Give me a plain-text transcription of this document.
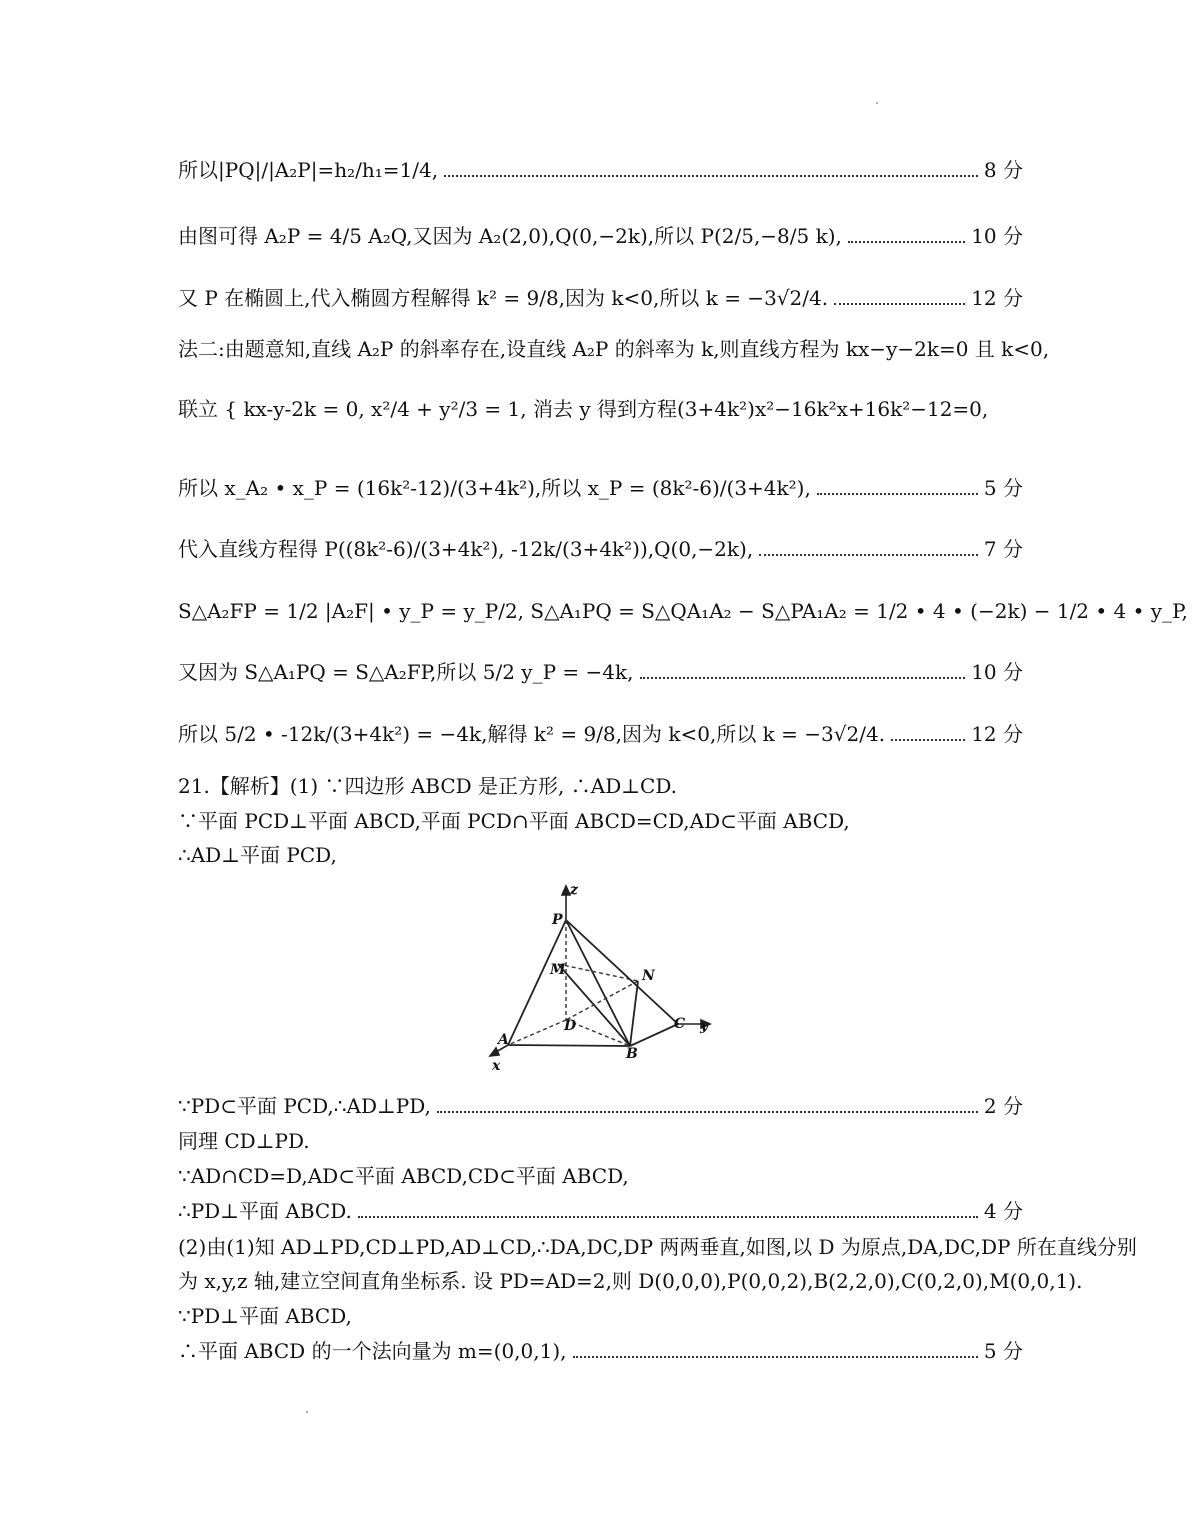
所以|PQ|/|A₂P|=h₂/h₁=1/4,	8 分
由图可得 A₂P = 4/5 A₂Q,又因为 A₂(2,0),Q(0,−2k),所以 P(2/5,−8/5 k),	10 分
又 P 在椭圆上,代入椭圆方程解得 k² = 9/8,因为 k<0,所以 k = −3√2/4.	12 分
法二:由题意知,直线 A₂P 的斜率存在,设直线 A₂P 的斜率为 k,则直线方程为 kx−y−2k=0 且 k<0,
联立 { kx-y-2k = 0, x²/4 + y²/3 = 1, 消去 y 得到方程(3+4k²)x²−16k²x+16k²−12=0,
所以 x_A₂ • x_P = (16k²-12)/(3+4k²),所以 x_P = (8k²-6)/(3+4k²),	5 分
代入直线方程得 P((8k²-6)/(3+4k²), -12k/(3+4k²)),Q(0,−2k),	7 分
S△A₂FP = 1/2 |A₂F| • y_P = y_P/2, S△A₁PQ = S△QA₁A₂ − S△PA₁A₂ = 1/2 • 4 • (−2k) − 1/2 • 4 • y_P,
又因为 S△A₁PQ = S△A₂FP,所以 5/2 y_P = −4k,	10 分
所以 5/2 • -12k/(3+4k²) = −4k,解得 k² = 9/8,因为 k<0,所以 k = −3√2/4.	12 分
21.【解析】(1) ∵四边形 ABCD 是正方形, ∴AD⊥CD.
∵平面 PCD⊥平面 ABCD,平面 PCD∩平面 ABCD=CD,AD⊂平面 ABCD,
∴AD⊥平面 PCD,
z
y
x
P
M	N
D	C
A
B
∵PD⊂平面 PCD,∴AD⊥PD,	2 分
同理 CD⊥PD.
∵AD∩CD=D,AD⊂平面 ABCD,CD⊂平面 ABCD,
∴PD⊥平面 ABCD.	4 分
(2)由(1)知 AD⊥PD,CD⊥PD,AD⊥CD,∴DA,DC,DP 两两垂直,如图,以 D 为原点,DA,DC,DP 所在直线分别
为 x,y,z 轴,建立空间直角坐标系. 设 PD=AD=2,则 D(0,0,0),P(0,0,2),B(2,2,0),C(0,2,0),M(0,0,1).
∵PD⊥平面 ABCD,
∴平面 ABCD 的一个法向量为 m=(0,0,1),	5 分
